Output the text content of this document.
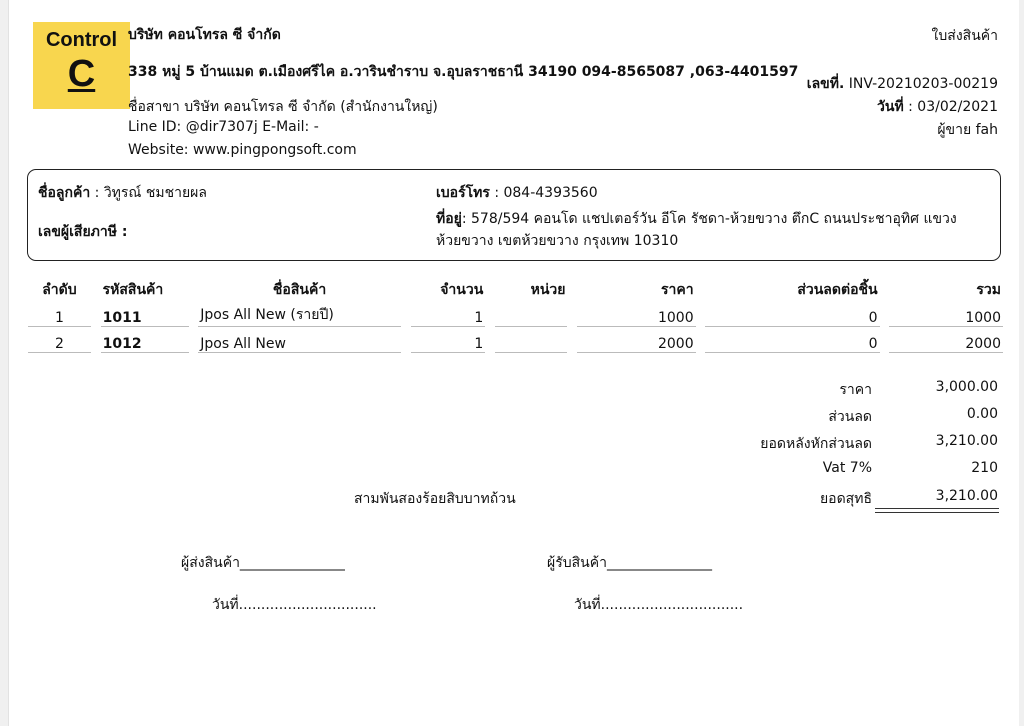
Control
C
บริษัท คอนโทรล ซี จำกัด
338 หมู่ 5 บ้านแมด ต.เมืองศรีไค อ.วารินชำราบ จ.อุบลราชธานี 34190 094-8565087 ,063-4401597
ชื่อสาขา บริษัท คอนโทรล ซี จำกัด (สำนักงานใหญ่)
Line ID: @dir7307j E-Mail: -
Website: www.pingpongsoft.com
ใบส่งสินค้า
เลขที่. INV-20210203-00219
วันที่ : 03/02/2021
ผู้ขาย fah
ชื่อลูกค้า : วิทูรณ์ ชมชายผล
เลขผู้เสียภาษี :
เบอร์โทร : 084-4393560
ที่อยู่: 578/594 คอนโด แชปเตอร์วัน อีโค รัชดา-ห้วยขวาง ตึกC ถนนประชาอุทิศ แขวงห้วยขวาง เขตห้วยขวาง กรุงเทพ 10310
ลำดับ		รหัสสินค้า		ชื่อสินค้า		จำนวน		หน่วย		ราคา		ส่วนลดต่อชิ้น		รวม
1		1011		Jpos All New (รายปี)		1				1000		0		1000
2		1012		Jpos All New		1				2000		0		2000
ราคา	3,000.00
ส่วนลด	0.00
ยอดหลังหักส่วนลด	3,210.00
Vat 7%	210
ยอดสุทธิ	3,210.00
สามพันสองร้อยสิบบาทถ้วน
ผู้ส่งสินค้า_______________
วันที่...............................
ผู้รับสินค้า_______________
วันที่................................
